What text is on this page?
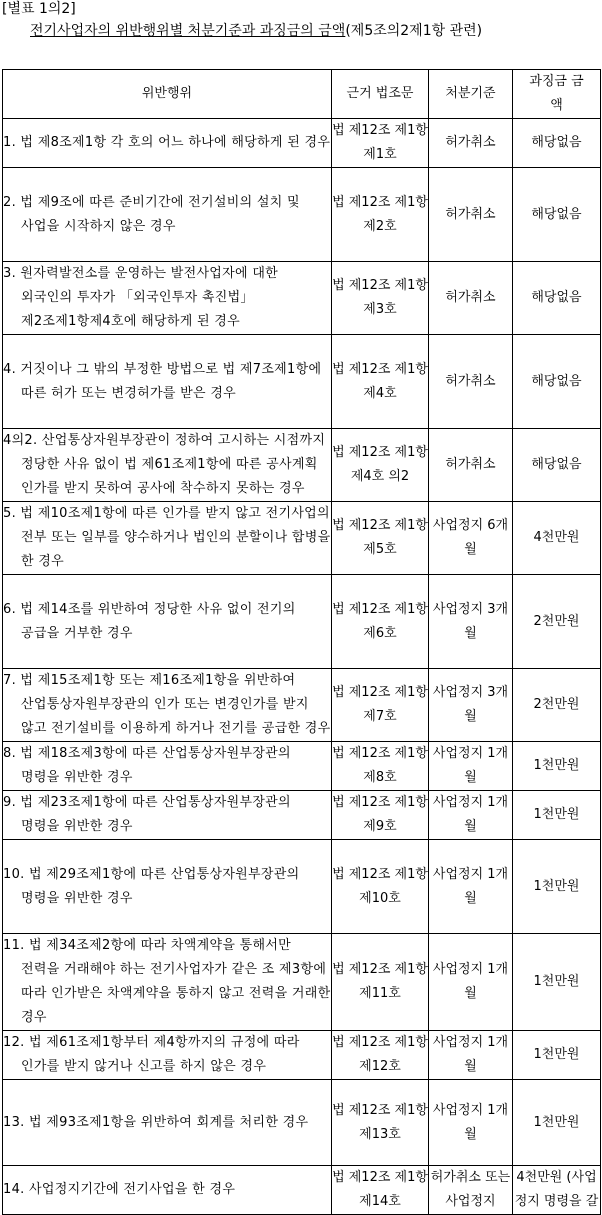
[별표 1의2]
전기사업자의 위반행위별 처분기준과 과징금의 금액(제5조의2제1항 관련)
위반행위	근거 법조문	처분기준	과징금 금액

1. 법 제8조제1항 각 호의 어느 하나에 해당하게 된 경우	법 제12조 제1항제1호	허가취소	해당없음

2. 법 제9조에 따른 준비기간에 전기설비의 설치 및 사업을 시작하지 않은 경우	법 제12조 제1항제2호	허가취소	해당없음

3. 원자력발전소를 운영하는 발전사업자에 대한 외국인의 투자가 「외국인투자 촉진법」 제2조제1항제4호에 해당하게 된 경우	법 제12조 제1항제3호	허가취소	해당없음

4. 거짓이나 그 밖의 부정한 방법으로 법 제7조제1항에 따른 허가 또는 변경허가를 받은 경우	법 제12조 제1항제4호	허가취소	해당없음

4의2. 산업통상자원부장관이 정하여 고시하는 시점까지 정당한 사유 없이 법 제61조제1항에 따른 공사계획 인가를 받지 못하여 공사에 착수하지 못하는 경우	법 제12조 제1항제4호 의2	허가취소	해당없음

5. 법 제10조제1항에 따른 인가를 받지 않고 전기사업의 전부 또는 일부를 양수하거나 법인의 분할이나 합병을 한 경우	법 제12조 제1항제5호	사업정지 6개월	4천만원

6. 법 제14조를 위반하여 정당한 사유 없이 전기의 공급을 거부한 경우	법 제12조 제1항제6호	사업정지 3개월	2천만원

7. 법 제15조제1항 또는 제16조제1항을 위반하여 산업통상자원부장관의 인가 또는 변경인가를 받지 않고 전기설비를 이용하게 하거나 전기를 공급한 경우	법 제12조 제1항제7호	사업정지 3개월	2천만원

8. 법 제18조제3항에 따른 산업통상자원부장관의 명령을 위반한 경우	법 제12조 제1항제8호	사업정지 1개월	1천만원

9. 법 제23조제1항에 따른 산업통상자원부장관의 명령을 위반한 경우	법 제12조 제1항제9호	사업정지 1개월	1천만원

10. 법 제29조제1항에 따른 산업통상자원부장관의 명령을 위반한 경우	법 제12조 제1항제10호	사업정지 1개월	1천만원

11. 법 제34조제2항에 따라 차액계약을 통해서만 전력을 거래해야 하는 전기사업자가 같은 조 제3항에 따라 인가받은 차액계약을 통하지 않고 전력을 거래한 경우	법 제12조 제1항제11호	사업정지 1개월	1천만원

12. 법 제61조제1항부터 제4항까지의 규정에 따라 인가를 받지 않거나 신고를 하지 않은 경우	법 제12조 제1항제12호	사업정지 1개월	1천만원

13. 법 제93조제1항을 위반하여 회계를 처리한 경우	법 제12조 제1항제13호	사업정지 1개월	1천만원

14. 사업정지기간에 전기사업을 한 경우	법 제12조 제1항제14호	허가취소 또는 사업정지	4천만원 (사업정지 명령을 갈
